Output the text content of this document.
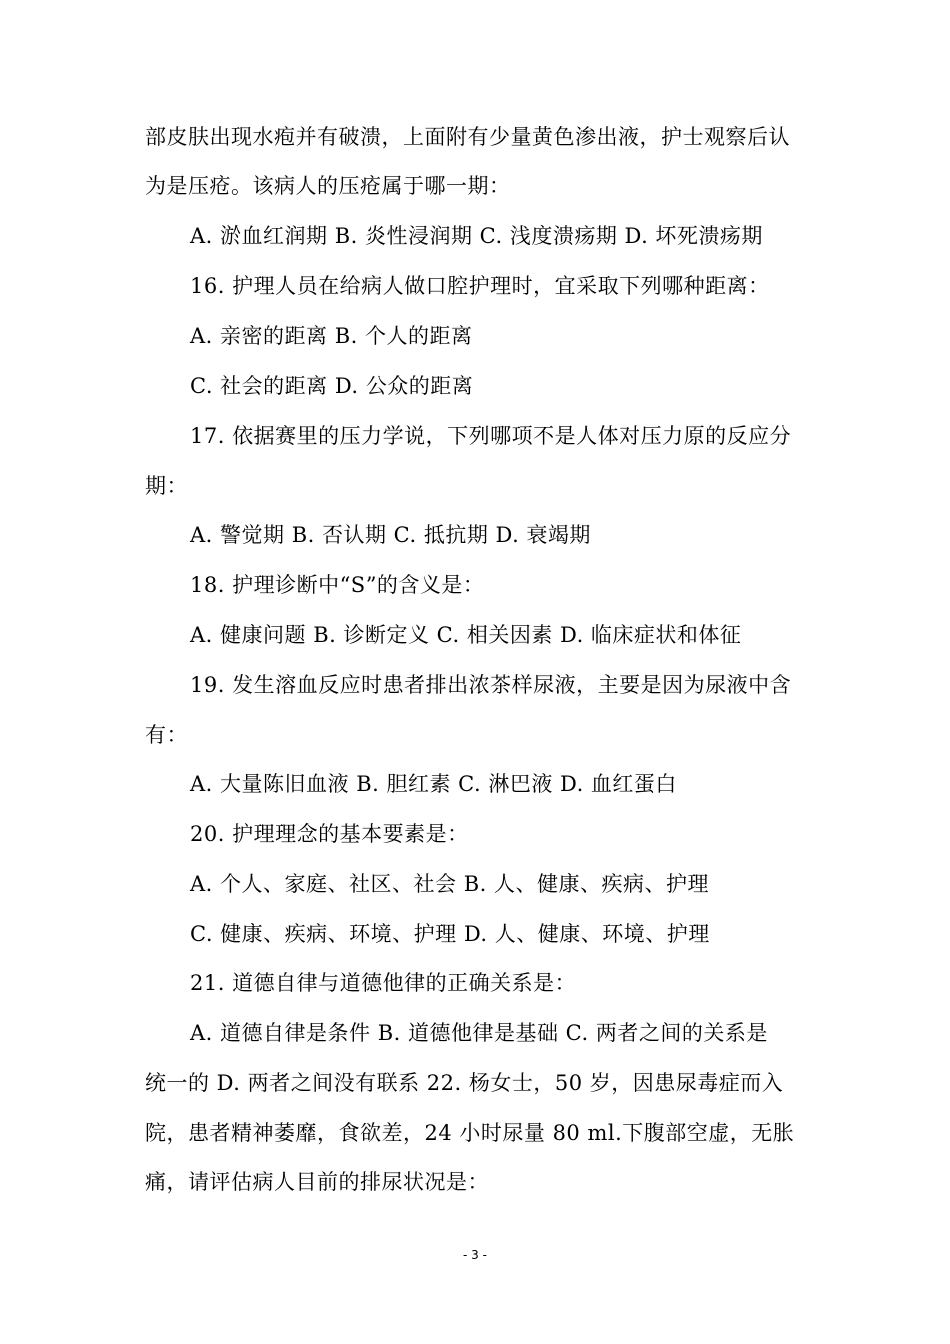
部皮肤出现水疱并有破溃，上面附有少量黄色渗出液，护士观察后认
为是压疮。该病人的压疮属于哪一期：
A. 淤血红润期 B. 炎性浸润期 C. 浅度溃疡期 D. 坏死溃疡期
16. 护理人员在给病人做口腔护理时，宜采取下列哪种距离：
A. 亲密的距离 B. 个人的距离
C. 社会的距离 D. 公众的距离
17. 依据赛里的压力学说，下列哪项不是人体对压力原的反应分
期：
A. 警觉期 B. 否认期 C. 抵抗期 D. 衰竭期
18. 护理诊断中“S”的含义是：
A. 健康问题 B. 诊断定义 C. 相关因素 D. 临床症状和体征
19. 发生溶血反应时患者排出浓茶样尿液，主要是因为尿液中含
有：
A. 大量陈旧血液 B. 胆红素 C. 淋巴液 D. 血红蛋白
20. 护理理念的基本要素是：
A. 个人、家庭、社区、社会 B. 人、健康、疾病、护理
C. 健康、疾病、环境、护理 D. 人、健康、环境、护理
21. 道德自律与道德他律的正确关系是：
A. 道德自律是条件 B. 道德他律是基础 C. 两者之间的关系是
统一的 D. 两者之间没有联系 22. 杨女士，50 岁，因患尿毒症而入
院，患者精神萎靡，食欲差，24 小时尿量 80 ml.下腹部空虚，无胀
痛，请评估病人目前的排尿状况是：
- 3 -
